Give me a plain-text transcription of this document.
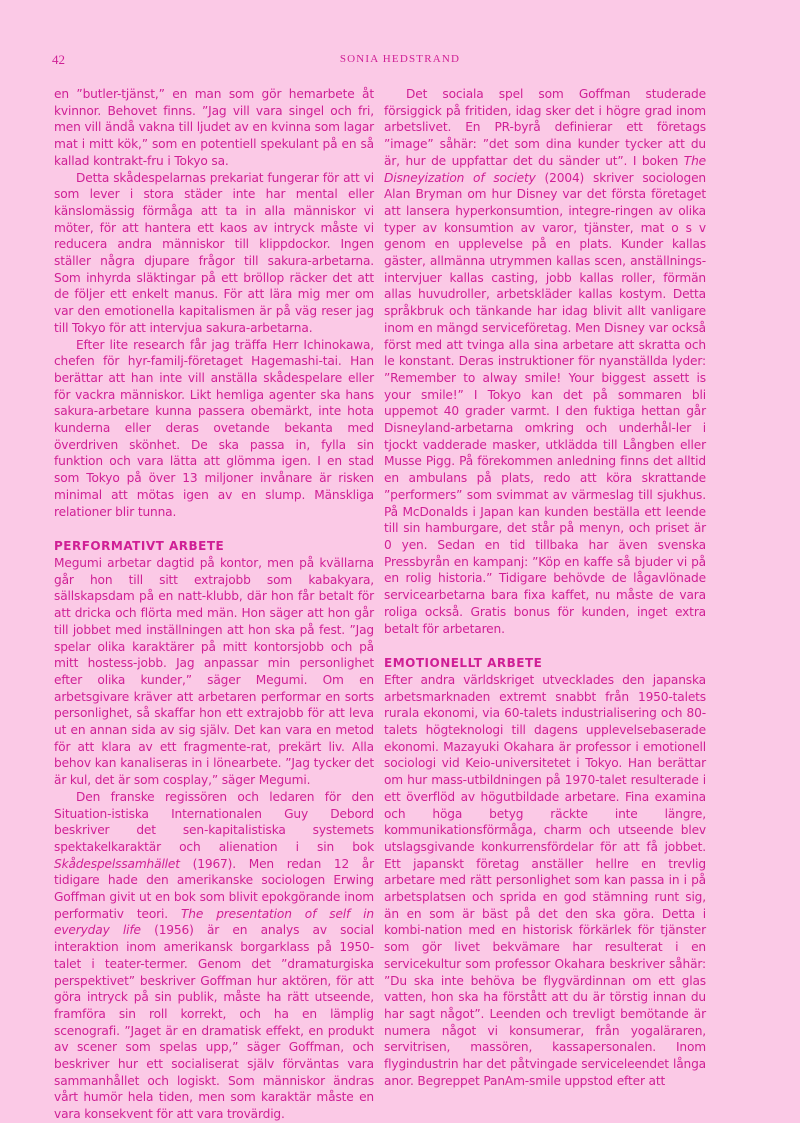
42	SONIA HEDSTRAND

en ”butler-tjänst,” en man som gör hemarbete åt kvinnor. Behovet finns. ”Jag vill vara singel och fri, men vill ändå vakna till ljudet av en kvinna som lagar mat i mitt kök,” som en potentiell spekulant på en så kallad kontrakt-fru i Tokyo sa.

Detta skådespelarnas prekariat fungerar för att vi som lever i stora städer inte har mental eller känslomässig förmåga att ta in alla människor vi möter, för att hantera ett kaos av intryck måste vi reducera andra människor till klippdockor. Ingen ställer några djupare frågor till sakura-arbetarna. Som inhyrda släktingar på ett bröllop räcker det att de följer ett enkelt manus. För att lära mig mer om var den emotionella kapitalismen är på väg reser jag till Tokyo för att intervjua sakura-arbetarna.

Efter lite research får jag träffa Herr Ichinokawa, chefen för hyr-familj-företaget Hagemashi-tai. Han berättar att han inte vill anställa skådespelare eller för vackra människor. Likt hemliga agenter ska hans sakura-arbetare kunna passera obemärkt, inte hota kunderna eller deras ovetande bekanta med överdriven skönhet. De ska passa in, fylla sin funktion och vara lätta att glömma igen. I en stad som Tokyo på över 13 miljoner invånare är risken minimal att mötas igen av en slump. Mänskliga relationer blir tunna.

PERFORMATIVT ARBETE

Megumi arbetar dagtid på kontor, men på kvällarna går hon till sitt extrajobb som kabakyara, sällskapsdam på en natt-klubb, där hon får betalt för att dricka och flörta med män. Hon säger att hon går till jobbet med inställningen att hon ska på fest. ”Jag spelar olika karaktärer på mitt kontorsjobb och på mitt hostess-jobb. Jag anpassar min personlighet efter olika kunder,” säger Megumi. Om en arbetsgivare kräver att arbetaren performar en sorts personlighet, så skaffar hon ett extrajobb för att leva ut en annan sida av sig själv. Det kan vara en metod för att klara av ett fragmente-rat, prekärt liv. Alla behov kan kanaliseras in i lönearbete. ”Jag tycker det är kul, det är som cosplay,” säger Megumi.

Den franske regissören och ledaren för den Situation-istiska Internationalen Guy Debord beskriver det sen-kapitalistiska systemets spektakelkaraktär och alienation i sin bok Skådespelssamhället (1967). Men redan 12 år tidigare hade den amerikanske sociologen Erwing Goffman givit ut en bok som blivit epokgörande inom performativ teori. The presentation of self in everyday life (1956) är en analys av social interaktion inom amerikansk borgarklass på 1950-talet i teater-termer. Genom det ”dramaturgiska perspektivet” beskriver Goffman hur aktören, för att göra intryck på sin publik, måste ha rätt utseende, framföra sin roll korrekt, och ha en lämplig scenografi. ”Jaget är en dramatisk effekt, en produkt av scener som spelas upp,” säger Goffman, och beskriver hur ett socialiserat själv förväntas vara sammanhållet och logiskt. Som människor ändras vårt humör hela tiden, men som karaktär måste en vara konsekvent för att vara trovärdig.

Det sociala spel som Goffman studerade försiggick på fritiden, idag sker det i högre grad inom arbetslivet. En PR-byrå definierar ett företags ”image” såhär: ”det som dina kunder tycker att du är, hur de uppfattar det du sänder ut”. I boken The Disneyization of society (2004) skriver sociologen Alan Bryman om hur Disney var det första företaget att lansera hyperkonsumtion, integre-ringen av olika typer av konsumtion av varor, tjänster, mat o s v genom en upplevelse på en plats. Kunder kallas gäster, allmänna utrymmen kallas scen, anställnings-intervjuer kallas casting, jobb kallas roller, förmän allas huvudroller, arbetskläder kallas kostym. Detta språkbruk och tänkande har idag blivit allt vanligare inom en mängd serviceföretag. Men Disney var också först med att tvinga alla sina arbetare att skratta och le konstant. Deras instruktioner för nyanställda lyder: ”Remember to alway smile! Your biggest assett is your smile!” I Tokyo kan det på sommaren bli uppemot 40 grader varmt. I den fuktiga hettan går Disneyland-arbetarna omkring och underhål-ler i tjockt vadderade masker, utklädda till Långben eller Musse Pigg. På förekommen anledning finns det alltid en ambulans på plats, redo att köra skrattande ”performers” som svimmat av värmeslag till sjukhus. På McDonalds i Japan kan kunden beställa ett leende till sin hamburgare, det står på menyn, och priset är 0 yen. Sedan en tid tillbaka har även svenska Pressbyrån en kampanj: ”Köp en kaffe så bjuder vi på en rolig historia.” Tidigare behövde de lågavlönade servicearbetarna bara fixa kaffet, nu måste de vara roliga också. Gratis bonus för kunden, inget extra betalt för arbetaren.

EMOTIONELLT ARBETE

Efter andra världskriget utvecklades den japanska arbetsmarknaden extremt snabbt från 1950-talets rurala ekonomi, via 60-talets industrialisering och 80-talets högteknologi till dagens upplevelsebaserade ekonomi. Mazayuki Okahara är professor i emotionell sociologi vid Keio-universitetet i Tokyo. Han berättar om hur mass-utbildningen på 1970-talet resulterade i ett överflöd av högutbildade arbetare. Fina examina och höga betyg räckte inte längre, kommunikationsförmåga, charm och utseende blev utslagsgivande konkurrensfördelar för att få jobbet. Ett japanskt företag anställer hellre en trevlig arbetare med rätt personlighet som kan passa in i på arbetsplatsen och sprida en god stämning runt sig, än en som är bäst på det den ska göra. Detta i kombi-nation med en historisk förkärlek för tjänster som gör livet bekvämare har resulterat i en servicekultur som professor Okahara beskriver såhär: ”Du ska inte behöva be flygvärdinnan om ett glas vatten, hon ska ha förstått att du är törstig innan du har sagt något”. Leenden och trevligt bemötande är numera något vi konsumerar, från yogaläraren, servitrisen, massören, kassapersonalen. Inom flygindustrin har det påtvingade serviceleendet långa anor. Begreppet PanAm-smile uppstod efter att
